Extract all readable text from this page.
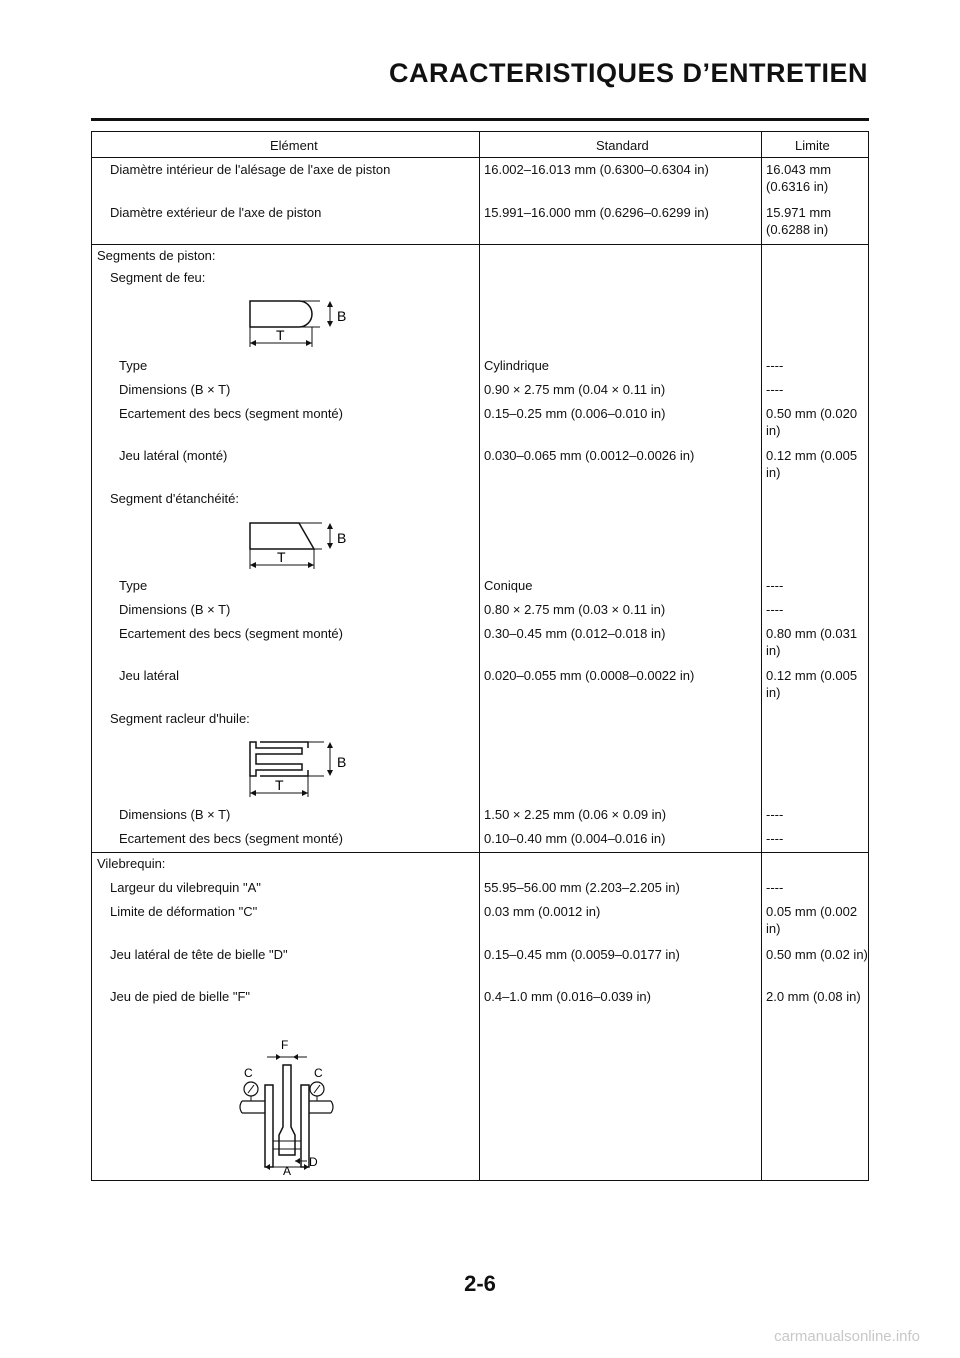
CARACTERISTIQUES D’ENTRETIEN
Elément	Standard	Limite
Diamètre intérieur de l'alésage de l'axe de piston	16.002–16.013 mm (0.6300–0.6304 in)	16.043 mm (0.6316 in)
Diamètre extérieur de l'axe de piston	15.991–16.000 mm (0.6296–0.6299 in)	15.971 mm (0.6288 in)
Segments de piston:
Segment de feu:
B
T
Type	Cylindrique	----
Dimensions (B × T)	0.90 × 2.75 mm (0.04 × 0.11 in)	----
Ecartement des becs (segment monté)	0.15–0.25 mm (0.006–0.010 in)	0.50 mm (0.020 in)
Jeu latéral (monté)	0.030–0.065 mm (0.0012–0.0026 in)	0.12 mm (0.005 in)
Segment d'étanchéité:
B
T
Type	Conique	----
Dimensions (B × T)	0.80 × 2.75 mm (0.03 × 0.11 in)	----
Ecartement des becs (segment monté)	0.30–0.45 mm (0.012–0.018 in)	0.80 mm (0.031 in)
Jeu latéral	0.020–0.055 mm (0.0008–0.0022 in)	0.12 mm (0.005 in)
Segment racleur d'huile:
B
T
Dimensions (B × T)	1.50 × 2.25 mm (0.06 × 0.09 in)	----
Ecartement des becs (segment monté)	0.10–0.40 mm (0.004–0.016 in)	----
Vilebrequin:
Largeur du vilebrequin "A"	55.95–56.00 mm (2.203–2.205 in)	----
Limite de déformation "C"	0.03 mm (0.0012 in)	0.05 mm (0.002 in)
Jeu latéral de tête de bielle "D"	0.15–0.45 mm (0.0059–0.0177 in)	0.50 mm (0.02 in)
Jeu de pied de bielle "F"	0.4–1.0 mm (0.016–0.039 in)	2.0 mm (0.08 in)
F
C	C
D
A
2-6
carmanualsonline.info
